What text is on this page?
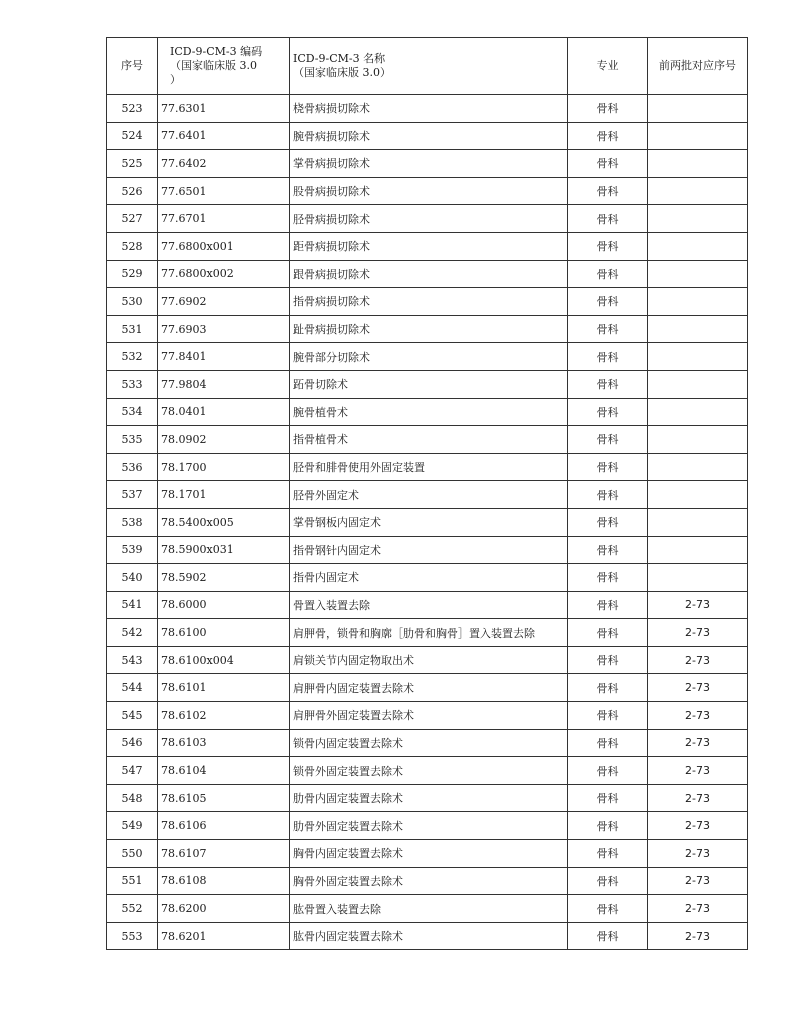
序号	ICD-9-CM-3 编码
（国家临床版 3.0
）	ICD-9-CM-3 名称
（国家临床版 3.0）	专业	前两批对应序号
523	77.6301	桡骨病损切除术	骨科	
524	77.6401	腕骨病损切除术	骨科	
525	77.6402	掌骨病损切除术	骨科	
526	77.6501	股骨病损切除术	骨科	
527	77.6701	胫骨病损切除术	骨科	
528	77.6800x001	距骨病损切除术	骨科	
529	77.6800x002	跟骨病损切除术	骨科	
530	77.6902	指骨病损切除术	骨科	
531	77.6903	趾骨病损切除术	骨科	
532	77.8401	腕骨部分切除术	骨科	
533	77.9804	跖骨切除术	骨科	
534	78.0401	腕骨植骨术	骨科	
535	78.0902	指骨植骨术	骨科	
536	78.1700	胫骨和腓骨使用外固定装置	骨科	
537	78.1701	胫骨外固定术	骨科	
538	78.5400x005	掌骨钢板内固定术	骨科	
539	78.5900x031	指骨钢针内固定术	骨科	
540	78.5902	指骨内固定术	骨科	
541	78.6000	骨置入装置去除	骨科	2-73
542	78.6100	肩胛骨，锁骨和胸廓［肋骨和胸骨］置入装置去除	骨科	2-73
543	78.6100x004	肩锁关节内固定物取出术	骨科	2-73
544	78.6101	肩胛骨内固定装置去除术	骨科	2-73
545	78.6102	肩胛骨外固定装置去除术	骨科	2-73
546	78.6103	锁骨内固定装置去除术	骨科	2-73
547	78.6104	锁骨外固定装置去除术	骨科	2-73
548	78.6105	肋骨内固定装置去除术	骨科	2-73
549	78.6106	肋骨外固定装置去除术	骨科	2-73
550	78.6107	胸骨内固定装置去除术	骨科	2-73
551	78.6108	胸骨外固定装置去除术	骨科	2-73
552	78.6200	肱骨置入装置去除	骨科	2-73
553	78.6201	肱骨内固定装置去除术	骨科	2-73
